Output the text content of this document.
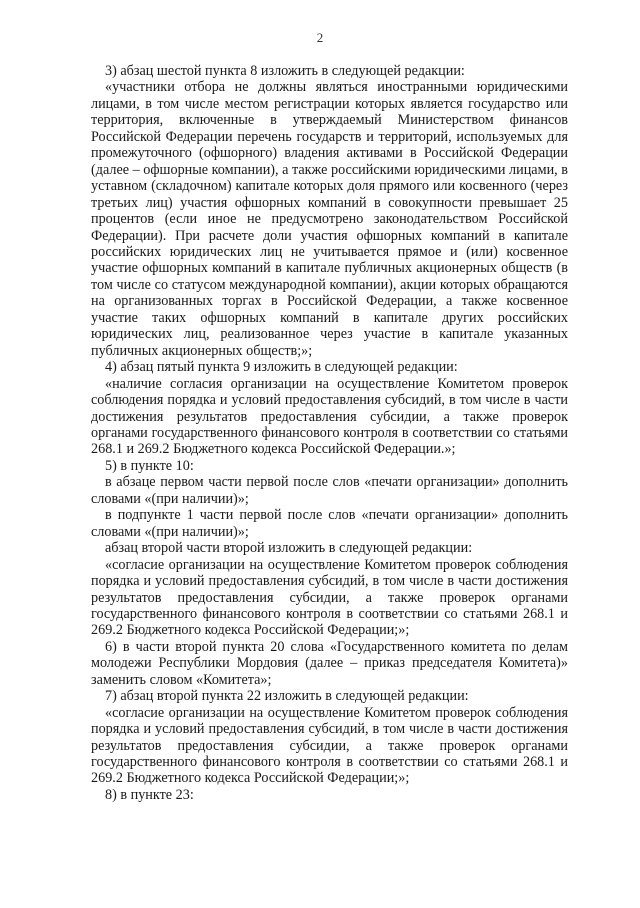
2

3) абзац шестой пункта 8 изложить в следующей редакции:

«участники отбора не должны являться иностранными юридическими лицами, в том числе местом регистрации которых является государство или территория, включенные в утверждаемый Министерством финансов Российской Федерации перечень государств и территорий, используемых для промежуточного (офшорного) владения активами в Российской Федерации (далее – офшорные компании), а также российскими юридическими лицами, в уставном (складочном) капитале которых доля прямого или косвенного (через третьих лиц) участия офшорных компаний в совокупности превышает 25 процентов (если иное не предусмотрено законодательством Российской Федерации). При расчете доли участия офшорных компаний в капитале российских юридических лиц не учитывается прямое и (или) косвенное участие офшорных компаний в капитале публичных акционерных обществ (в том числе со статусом международной компании), акции которых обращаются на организованных торгах в Российской Федерации, а также косвенное участие таких офшорных компаний в капитале других российских юридических лиц, реализованное через участие в капитале указанных публичных акционерных обществ;»;

4) абзац пятый пункта 9 изложить в следующей редакции:

«наличие согласия организации на осуществление Комитетом проверок соблюдения порядка и условий предоставления субсидий, в том числе в части достижения результатов предоставления субсидии, а также проверок органами государственного финансового контроля в соответствии со статьями 268.1 и 269.2 Бюджетного кодекса Российской Федерации.»;

5) в пункте 10:

в абзаце первом части первой после слов «печати организации» дополнить словами «(при наличии)»;

в подпункте 1 части первой после слов «печати организации» дополнить словами «(при наличии)»;

абзац второй части второй изложить в следующей редакции:

«согласие организации на осуществление Комитетом проверок соблюдения порядка и условий предоставления субсидий, в том числе в части достижения результатов предоставления субсидии, а также проверок органами государственного финансового контроля в соответствии со статьями 268.1 и 269.2 Бюджетного кодекса Российской Федерации;»;

6) в части второй пункта 20 слова «Государственного комитета по делам молодежи Республики Мордовия (далее – приказ председателя Комитета)» заменить словом «Комитета»;

7) абзац второй пункта 22 изложить в следующей редакции:

«согласие организации на осуществление Комитетом проверок соблюдения порядка и условий предоставления субсидий, в том числе в части достижения результатов предоставления субсидии, а также проверок органами государственного финансового контроля в соответствии со статьями 268.1 и 269.2 Бюджетного кодекса Российской Федерации;»;

8) в пункте 23:
